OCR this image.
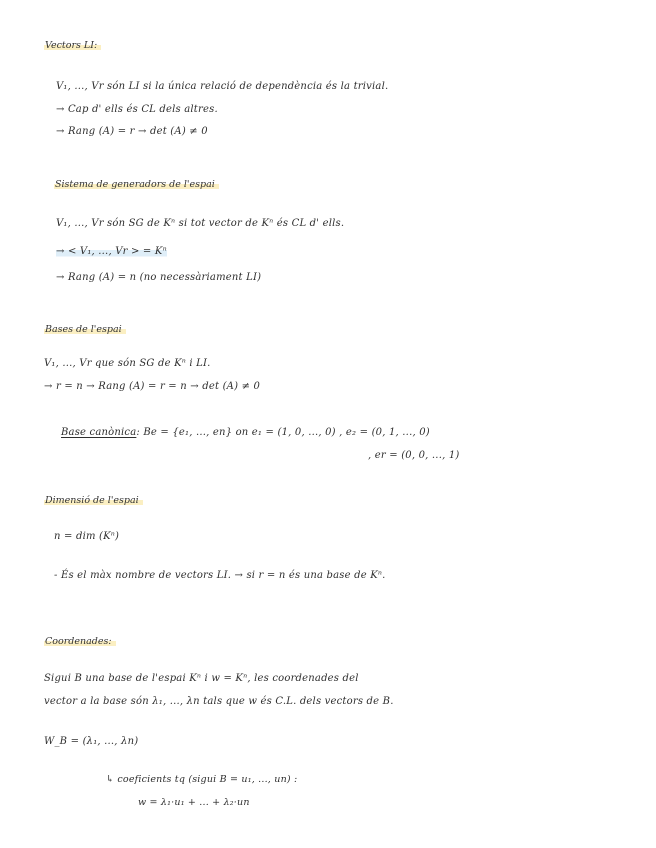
Vectors LI:
V₁, ..., Vr són LI si la única relació de dependència és la trivial.
→ Cap d' ells és CL dels altres.
→ Rang (A) = r → det (A) ≠ 0
Sistema de generadors de l'espai
V₁, ..., Vr són SG de Kⁿ si tot vector de Kⁿ és CL d' ells.
→ < V₁, ..., Vr > = Kⁿ
→ Rang (A) = n (no necessàriament LI)
Bases de l'espai
V₁, ..., Vr que són SG de Kⁿ i LI.
→ r = n → Rang (A) = r = n → det (A) ≠ 0
Base canònica: Be = {e₁, ..., en} on e₁ = (1, 0, ..., 0) , e₂ = (0, 1, ..., 0)
, er = (0, 0, ..., 1)
Dimensió de l'espai
n = dim (Kⁿ)
- És el màx nombre de vectors LI. → si r = n és una base de Kⁿ.
Coordenades:
Sigui B una base de l'espai Kⁿ i w = Kⁿ, les coordenades del
vector a la base són λ₁, ..., λn tals que w és C.L. dels vectors de B.
W_B = (λ₁, ..., λn)
↳ coeficients tq (sigui B = u₁, ..., un) :
w = λ₁·u₁ + ... + λ₂·un
